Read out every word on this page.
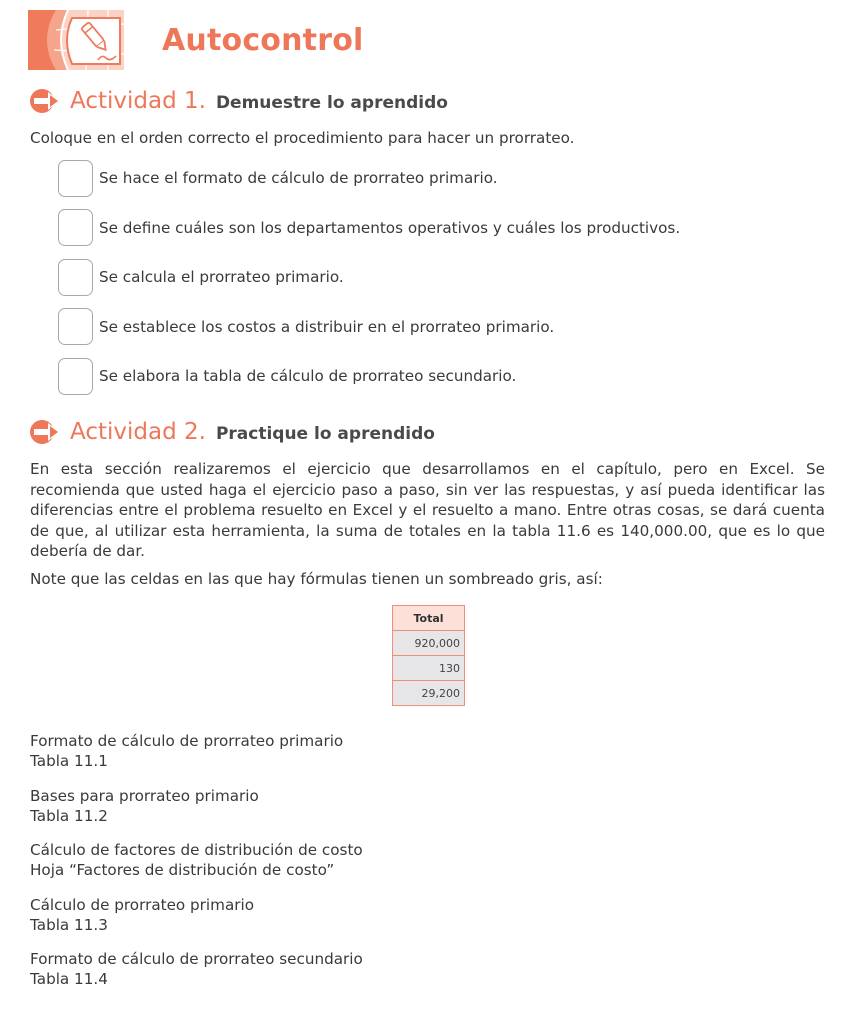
Autocontrol
Actividad 1. Demuestre lo aprendido
Coloque en el orden correcto el procedimiento para hacer un prorrateo.
Se hace el formato de cálculo de prorrateo primario.
Se define cuáles son los departamentos operativos y cuáles los productivos.
Se calcula el prorrateo primario.
Se establece los costos a distribuir en el prorrateo primario.
Se elabora la tabla de cálculo de prorrateo secundario.
Actividad 2. Practique lo aprendido
En esta sección realizaremos el ejercicio que desarrollamos en el capítulo, pero en Excel. Se recomienda que usted haga el ejercicio paso a paso, sin ver las respuestas, y así pueda identificar las diferencias entre el problema resuelto en Excel y el resuelto a mano. Entre otras cosas, se dará cuenta de que, al utilizar esta herramienta, la suma de totales en la tabla 11.6 es 140,000.00, que es lo que debería de dar.
Note que las celdas en las que hay fórmulas tienen un sombreado gris, así:
Total
920,000
130
29,200
Formato de cálculo de prorrateo primario
Tabla 11.1
Bases para prorrateo primario
Tabla 11.2
Cálculo de factores de distribución de costo
Hoja “Factores de distribución de costo”
Cálculo de prorrateo primario
Tabla 11.3
Formato de cálculo de prorrateo secundario
Tabla 11.4
